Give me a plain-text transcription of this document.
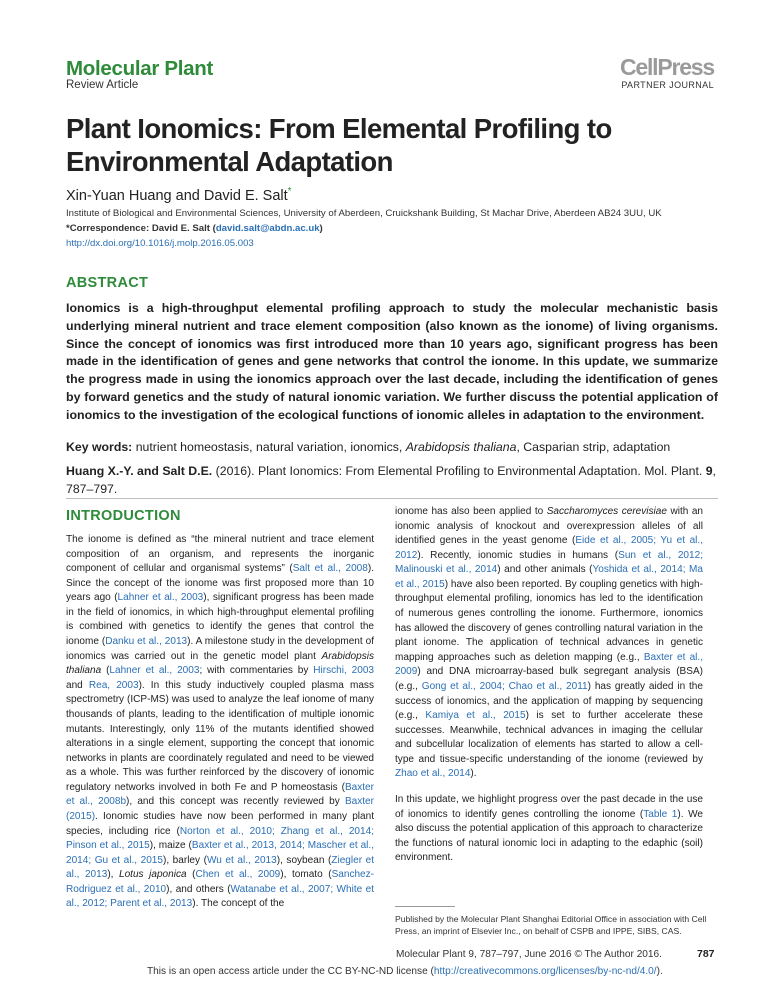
Molecular Plant
Review Article
CellPress
PARTNER JOURNAL
Plant Ionomics: From Elemental Profiling to Environmental Adaptation
Xin-Yuan Huang and David E. Salt*
Institute of Biological and Environmental Sciences, University of Aberdeen, Cruickshank Building, St Machar Drive, Aberdeen AB24 3UU, UK
*Correspondence: David E. Salt (david.salt@abdn.ac.uk)
http://dx.doi.org/10.1016/j.molp.2016.05.003
ABSTRACT
Ionomics is a high-throughput elemental profiling approach to study the molecular mechanistic basis underlying mineral nutrient and trace element composition (also known as the ionome) of living organisms. Since the concept of ionomics was first introduced more than 10 years ago, significant progress has been made in the identification of genes and gene networks that control the ionome. In this update, we summarize the progress made in using the ionomics approach over the last decade, including the identification of genes by forward genetics and the study of natural ionomic variation. We further discuss the potential application of ionomics to the investigation of the ecological functions of ionomic alleles in adaptation to the environment.
Key words: nutrient homeostasis, natural variation, ionomics, Arabidopsis thaliana, Casparian strip, adaptation
Huang X.-Y. and Salt D.E. (2016). Plant Ionomics: From Elemental Profiling to Environmental Adaptation. Mol. Plant. 9, 787–797.
INTRODUCTION

The ionome is defined as “the mineral nutrient and trace element composition of an organism, and represents the inorganic component of cellular and organismal systems” (Salt et al., 2008). Since the concept of the ionome was first proposed more than 10 years ago (Lahner et al., 2003), significant progress has been made in the field of ionomics, in which high-throughput elemental profiling is combined with genetics to identify the genes that control the ionome (Danku et al., 2013). A milestone study in the development of ionomics was carried out in the genetic model plant Arabidopsis thaliana (Lahner et al., 2003; with commentaries by Hirschi, 2003 and Rea, 2003). In this study inductively coupled plasma mass spectrometry (ICP-MS) was used to analyze the leaf ionome of many thousands of plants, leading to the identification of multiple ionomic mutants. Interestingly, only 11% of the mutants identified showed alterations in a single element, supporting the concept that ionomic networks in plants are coordinately regulated and need to be viewed as a whole. This was further reinforced by the discovery of ionomic regulatory networks involved in both Fe and P homeostasis (Baxter et al., 2008b), and this concept was recently reviewed by Baxter (2015). Ionomic studies have now been performed in many plant species, including rice (Norton et al., 2010; Zhang et al., 2014; Pinson et al., 2015), maize (Baxter et al., 2013, 2014; Mascher et al., 2014; Gu et al., 2015), barley (Wu et al., 2013), soybean (Ziegler et al., 2013), Lotus japonica (Chen et al., 2009), tomato (Sanchez-Rodriguez et al., 2010), and others (Watanabe et al., 2007; White et al., 2012; Parent et al., 2013). The concept of the

ionome has also been applied to Saccharomyces cerevisiae with an ionomic analysis of knockout and overexpression alleles of all identified genes in the yeast genome (Eide et al., 2005; Yu et al., 2012). Recently, ionomic studies in humans (Sun et al., 2012; Malinouski et al., 2014) and other animals (Yoshida et al., 2014; Ma et al., 2015) have also been reported. By coupling genetics with high-throughput elemental profiling, ionomics has led to the identification of numerous genes controlling the ionome. Furthermore, ionomics has allowed the discovery of genes controlling natural variation in the plant ionome. The application of technical advances in genetic mapping approaches such as deletion mapping (e.g., Baxter et al., 2009) and DNA microarray-based bulk segregant analysis (BSA) (e.g., Gong et al., 2004; Chao et al., 2011) has greatly aided in the success of ionomics, and the application of mapping by sequencing (e.g., Kamiya et al., 2015) is set to further accelerate these successes. Meanwhile, technical advances in imaging the cellular and subcellular localization of elements has started to allow a cell-type and tissue-specific understanding of the ionome (reviewed by Zhao et al., 2014).

In this update, we highlight progress over the past decade in the use of ionomics to identify genes controlling the ionome (Table 1). We also discuss the potential application of this approach to characterize the functions of natural ionomic loci in adapting to the edaphic (soil) environment.

Published by the Molecular Plant Shanghai Editorial Office in association with Cell Press, an imprint of Elsevier Inc., on behalf of CSPB and IPPE, SIBS, CAS.
Molecular Plant 9, 787–797, June 2016 © The Author 2016.	787
This is an open access article under the CC BY-NC-ND license (http://creativecommons.org/licenses/by-nc-nd/4.0/).
